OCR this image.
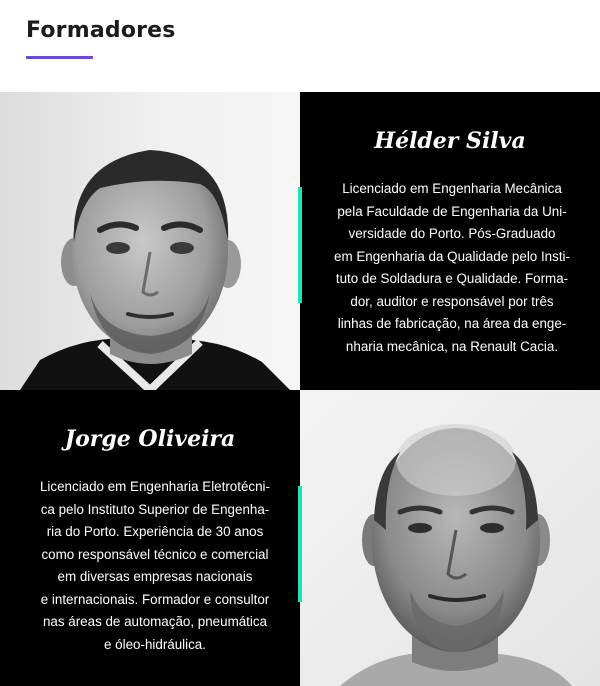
Formadores
Hélder Silva
Licenciado em Engenharia Mecânica
pela Faculdade de Engenharia da Uni-
versidade do Porto. Pós-Graduado
em Engenharia da Qualidade pelo Insti-
tuto de Soldadura e Qualidade. Forma-
dor, auditor e responsável por três
linhas de fabricação, na área da enge-
nharia mecânica, na Renault Cacia.
Jorge Oliveira
Licenciado em Engenharia Eletrotécni-
ca pelo Instituto Superior de Engenha-
ria do Porto. Experiência de 30 anos
como responsável técnico e comercial
em diversas empresas nacionais
e internacionais. Formador e consultor
nas áreas de automação, pneumática
e óleo-hidráulica.
